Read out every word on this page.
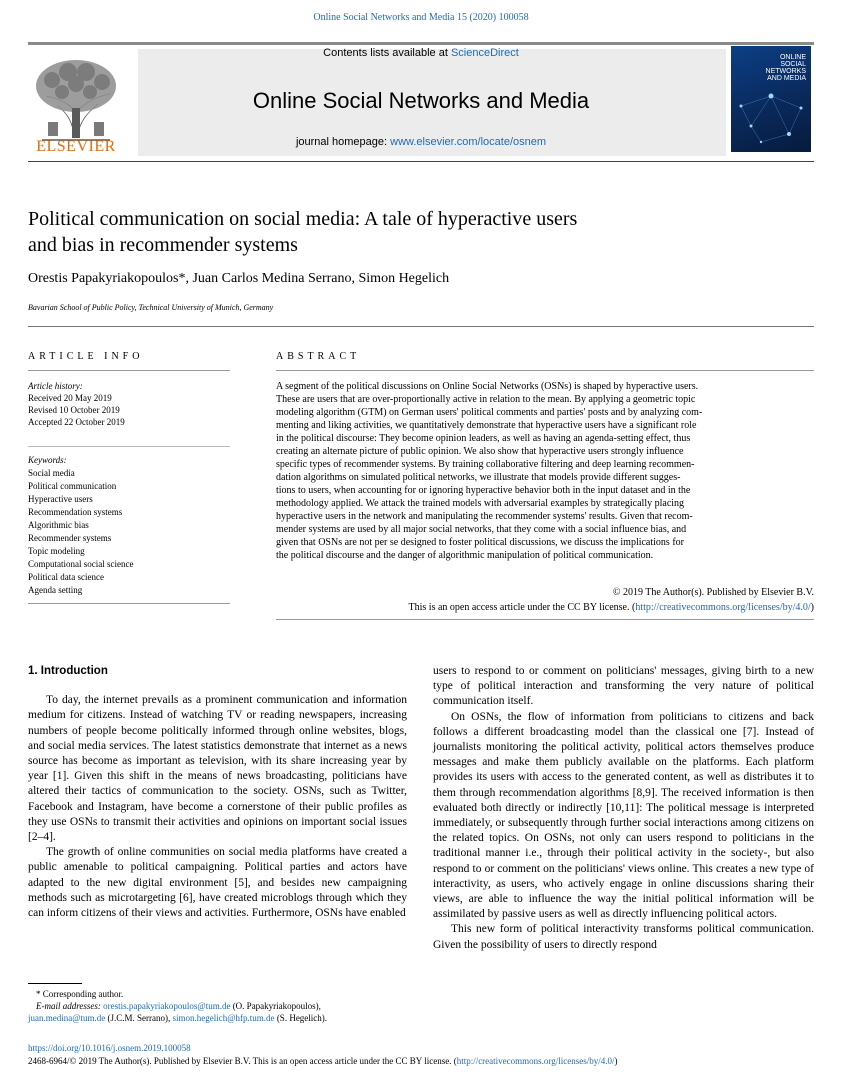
Online Social Networks and Media 15 (2020) 100058
Contents lists available at ScienceDirect
Online Social Networks and Media
journal homepage: www.elsevier.com/locate/osnem
ELSEVIER
ONLINE
SOCIAL
NETWORKS
AND MEDIA
Political communication on social media: A tale of hyperactive users
and bias in recommender systems
Orestis Papakyriakopoulos*, Juan Carlos Medina Serrano, Simon Hegelich
Bavarian School of Public Policy, Technical University of Munich, Germany
ARTICLE INFO
Article history:
Received 20 May 2019
Revised 10 October 2019
Accepted 22 October 2019
Keywords:
Social media
Political communication
Hyperactive users
Recommendation systems
Algorithmic bias
Recommender systems
Topic modeling
Computational social science
Political data science
Agenda setting
ABSTRACT
A segment of the political discussions on Online Social Networks (OSNs) is shaped by hyperactive users.
These are users that are over-proportionally active in relation to the mean. By applying a geometric topic
modeling algorithm (GTM) on German users' political comments and parties' posts and by analyzing com-
menting and liking activities, we quantitatively demonstrate that hyperactive users have a significant role
in the political discourse: They become opinion leaders, as well as having an agenda-setting effect, thus
creating an alternate picture of public opinion. We also show that hyperactive users strongly influence
specific types of recommender systems. By training collaborative filtering and deep learning recommen-
dation algorithms on simulated political networks, we illustrate that models provide different sugges-
tions to users, when accounting for or ignoring hyperactive behavior both in the input dataset and in the
methodology applied. We attack the trained models with adversarial examples by strategically placing
hyperactive users in the network and manipulating the recommender systems' results. Given that recom-
mender systems are used by all major social networks, that they come with a social influence bias, and
given that OSNs are not per se designed to foster political discussions, we discuss the implications for
the political discourse and the danger of algorithmic manipulation of political communication.
© 2019 The Author(s). Published by Elsevier B.V.
This is an open access article under the CC BY license. (http://creativecommons.org/licenses/by/4.0/)
1. Introduction

To day, the internet prevails as a prominent communication and information medium for citizens. Instead of watching TV or reading newspapers, increasing numbers of people become politically informed through online websites, blogs, and social media services. The latest statistics demonstrate that internet as a news source has become as important as television, with its share increasing year by year [1]. Given this shift in the means of news broadcasting, politicians have altered their tactics of communication to the society. OSNs, such as Twitter, Facebook and Instagram, have become a cornerstone of their public profiles as they use OSNs to transmit their activities and opinions on important social issues [2–4].

The growth of online communities on social media platforms have created a public amenable to political campaigning. Political parties and actors have adapted to the new digital environment [5], and besides new campaigning methods such as microtargeting [6], have created microblogs through which they can inform citizens of their views and activities. Furthermore, OSNs have enabled

users to respond to or comment on politicians' messages, giving birth to a new type of political interaction and transforming the very nature of political communication itself.

On OSNs, the flow of information from politicians to citizens and back follows a different broadcasting model than the classical one [7]. Instead of journalists monitoring the political activity, political actors themselves produce messages and make them publicly available on the platforms. Each platform provides its users with access to the generated content, as well as distributes it to them through recommendation algorithms [8,9]. The received information is then evaluated both directly or indirectly [10,11]: The political message is interpreted immediately, or subsequently through further social interactions among citizens on the related topics. On OSNs, not only can users respond to politicians in the traditional manner i.e., through their political activity in the society-, but also respond to or comment on the politicians' views online. This creates a new type of interactivity, as users, who actively engage in online discussions sharing their views, are able to influence the way the initial political information will be assimilated by passive users as well as directly influencing political actors.

This new form of political interactivity transforms political communication. Given the possibility of users to directly respond

* Corresponding author.
E-mail addresses: orestis.papakyriakopoulos@tum.de (O. Papakyriakopoulos),
juan.medina@tum.de (J.C.M. Serrano), simon.hegelich@hfp.tum.de (S. Hegelich).
https://doi.org/10.1016/j.osnem.2019.100058
2468-6964/© 2019 The Author(s). Published by Elsevier B.V. This is an open access article under the CC BY license. (http://creativecommons.org/licenses/by/4.0/)
